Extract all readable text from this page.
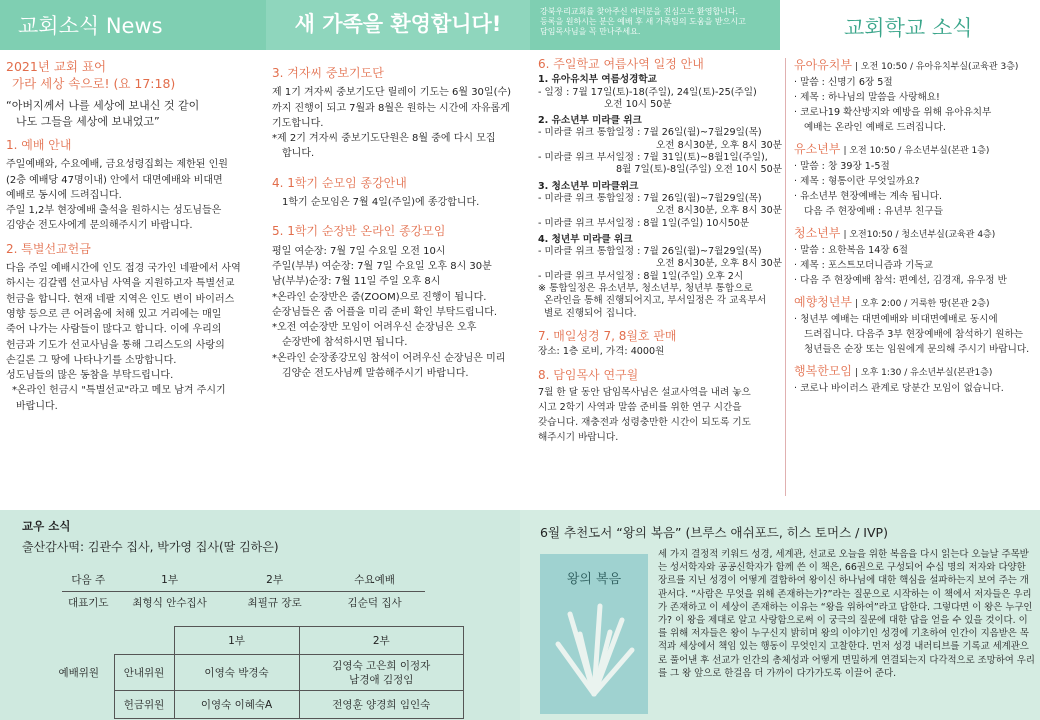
교회소식 News	새 가족을 환영합니다!
강북우리교회를 찾아주신 여러분을 진심으로 환영합니다.
등록을 원하시는 분은 예배 후 새 가족팀의 도움을 받으시고
담임목사님을 꼭 만나주세요.	교회학교 소식
2021년 교회 표어
가라 세상 속으로! (요 17:18)
“아버지께서 나를 세상에 보내신 것 같이
나도 그들을 세상에 보내었고”
1. 예배 안내
주일예배와, 수요예배, 금요성령집회는 제한된 인원
(2층 예배당 47명이내) 안에서 대면예배와 비대면
예배로 동시에 드려집니다.
주일 1,2부 현장예배 출석을 원하시는 성도님들은
김양순 전도사에게 문의해주시기 바랍니다.
2. 특별선교헌금
다음 주일 예배시간에 인도 접경 국가인 네팔에서 사역
하시는 김갈렙 선교사님 사역을 지원하고자 특별선교
헌금을 합니다. 현재 네팔 지역은 인도 변이 바이러스
영향 등으로 큰 어려움에 처해 있고 거리에는 매일
죽어 나가는 사람들이 많다고 합니다. 이에 우리의
헌금과 기도가 선교사님을 통해 그리스도의 사랑의
손길론 그 땅에 나타나기를 소망합니다.
성도님들의 많은 동참을 부탁드립니다.
*온라인 헌금시 "특별선교"라고 메모 남겨 주시기
바랍니다.
3. 겨자씨 중보기도단
제 1기 겨자씨 중보기도단 릴레이 기도는 6월 30일(수)
까지 진행이 되고 7월과 8월은 원하는 시간에 자유롭게
기도합니다.
*제 2기 겨자씨 중보기도단원은 8월 중에 다시 모집
합니다.
4. 1학기 순모임 종강안내
1학기 순모임은 7월 4일(주일)에 종강합니다.
5. 1학기 순장반 온라인 종강모임
평일 여순장: 7월 7일 수요일 오전 10시
주일(부부) 여순장: 7월 7일 수요일 오후 8시 30분
남(부부)순장: 7월 11일 주일 오후 8시
*온라인 순장반은 줌(ZOOM)으로 진행이 됩니다.
순장님들은 줌 어플을 미리 준비 확인 부탁드립니다.
*오전 여순장반 모임이 어려우신 순장님은 오후
순장반에 참석하시면 됩니다.
*온라인 순장종강모임 참석이 어려우신 순장님은 미리
김양순 전도사님께 말씀해주시기 바랍니다.
6. 주일학교 여름사역 일정 안내
1. 유아유치부 여름성경학교
- 일정 : 7월 17일(토)-18(주일), 24일(토)-25(주일)
오전 10시 50분
2. 유소년부 미라클 위크
- 미라클 위크 통합일정 : 7월 26일(월)~7월29일(목)
오전 8시30분, 오후 8시 30분
- 미라클 위크 부서일정 : 7월 31일(토)~8월1일(주일),
8월 7일(토)-8일(주일) 오전 10시 50분
3. 청소년부 미라클위크
- 미라클 위크 통합일정 : 7월 26일(월)~7월29일(목)
오전 8시30분, 오후 8시 30분
- 미라클 위크 부서일정 : 8월 1일(주일) 10시50분
4. 청년부 미라클 위크
- 미라클 위크 통합일정 : 7월 26일(월)~7월29일(목)
오전 8시30분, 오후 8시 30분
- 미라클 위크 부서일정 : 8월 1일(주일) 오후 2시
※ 통합일정은 유소년부, 청소년부, 청년부 통합으로
온라인을 통해 진행되어지고, 부서일정은 각 교육부서
별로 진행되어 집니다.
7. 매일성경 7, 8월호 판매
장소: 1층 로비, 가격: 4000원
8. 담임목사 연구월
7월 한 달 동안 담임목사님은 설교사역을 내려 놓으
시고 2학기 사역과 말씀 준비를 위한 연구 시간을
갖습니다. 재충전과 성령충만한 시간이 되도록 기도
해주시기 바랍니다.
유아유치부 | 오전 10:50 / 유아유치부실(교육관 3층)
· 말씀 : 신명기 6장 5절
· 제목 : 하나님의 말씀을 사랑해요!
· 코로나19 확산방지와 예방을 위해 유아유치부
예배는 온라인 예배로 드려집니다.
유소년부 | 오전 10:50 / 유소년부실(본관 1층)
· 말씀 : 창 39장 1-5절
· 제목 : 형통이란 무엇일까요?
· 유소년부 현장예배는 계속 됩니다.
다음 주 현장예배 : 유년부 친구들
청소년부 | 오전10:50 / 청소년부실(교육관 4층)
· 말씀 : 요한복음 14장 6절
· 제목 : 포스트모더니즘과 기독교
· 다음 주 현장예배 참석: 편예선, 김경재, 유우정 반
예향청년부 | 오후 2:00 / 거룩한 땅(본관 2층)
· 청년부 예배는 대면예배와 비대면예배로 동시에
드려집니다. 다음주 3부 현장예배에 참석하기 원하는
청년들은 순장 또는 임원에게 문의해 주시기 바랍니다.
행복한모임 | 오후 1:30 / 유소년부실(본관1층)
· 코로나 바이러스 관계로 당분간 모임이 없습니다.
교우 소식
출산감사떡: 김관수 집사, 박가영 집사(딸 김하은)
다음 주	1부	2부	수요예배
대표기도	최형식 안수집사	최필규 장로	김순덕 집사
예배위원		1부	2부
	안내위원	이영숙 박경숙	김영숙 고은희 이정자
남경애 김정임

	헌금위원	이영숙 이혜숙A	전영훈 양경희 임인숙
6월 추천도서 “왕의 복음” (브루스 애쉬포드, 히스 토머스 / IVP)
왕의 복음
세 가지 결정적 키워드 성경, 세계관, 선교로 오늘을 위한 복음을 다시 읽는다 오늘날 주목받는 성서학자와 공공신학자가 함께 쓴 이 책은, 66권으로 구성되어 수십 명의 저자와 다양한 장르를 지닌 성경이 어떻게 결합하여 왕이신 하나님에 대한 핵심을 설파하는지 보여 주는 개관서다. “사람은 무엇을 위해 존재하는가?”라는 질문으로 시작하는 이 책에서 저자들은 우리가 존재하고 이 세상이 존재하는 이유는 “왕을 위하여”라고 답한다. 그렇다면 이 왕은 누구인가? 이 왕을 제대로 알고 사랑함으로써 이 궁극의 질문에 대한 답을 얻을 수 있을 것이다. 이를 위해 저자들은 왕이 누구신지 밝히며 왕의 이야기인 성경에 기초하여 인간이 지음받은 목적과 세상에서 책임 있는 행동이 무엇인지 고찰한다. 먼저 성경 내러티브를 기록교 세계관으로 풀어낸 후 선교가 인간의 총체성과 어떻게 면밀하게 연결되는지 다각적으로 조망하여 우리를 그 왕 앞으로 한걸음 더 가까이 다가가도록 이끌어 준다.
